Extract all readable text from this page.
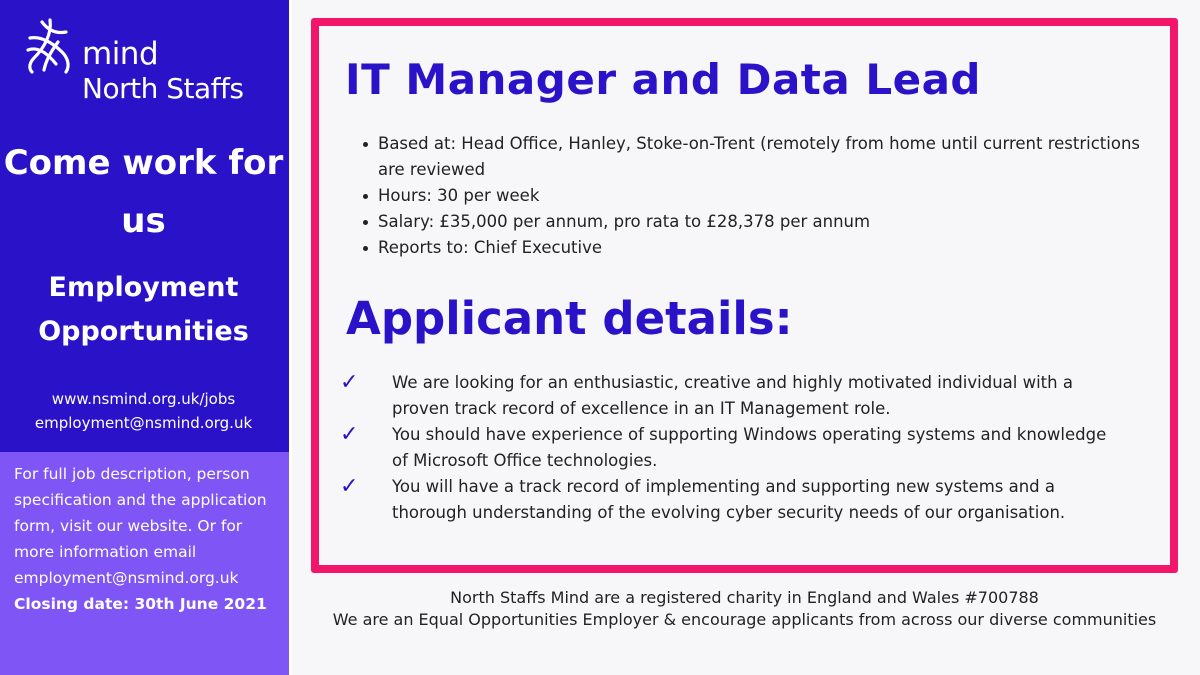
mind
North Staffs
Come work for us
Employment Opportunities
www.nsmind.org.uk/jobs
employment@nsmind.org.uk
For full job description, person specification and the application form, visit our website. Or for more information email employment@nsmind.org.uk
Closing date: 30th June 2021
IT Manager and Data Lead
Based at: Head Office, Hanley, Stoke-on-Trent (remotely from home until current restrictions are reviewed
Hours: 30 per week
Salary: £35,000 per annum, pro rata to £28,378 per annum
Reports to: Chief Executive
Applicant details:
✓ We are looking for an enthusiastic, creative and highly motivated individual with a proven track record of excellence in an IT Management role.
✓ You should have experience of supporting Windows operating systems and knowledge of Microsoft Office technologies.
✓ You will have a track record of implementing and supporting new systems and a thorough understanding of the evolving cyber security needs of our organisation.
North Staffs Mind are a registered charity in England and Wales #700788
We are an Equal Opportunities Employer & encourage applicants from across our diverse communities
